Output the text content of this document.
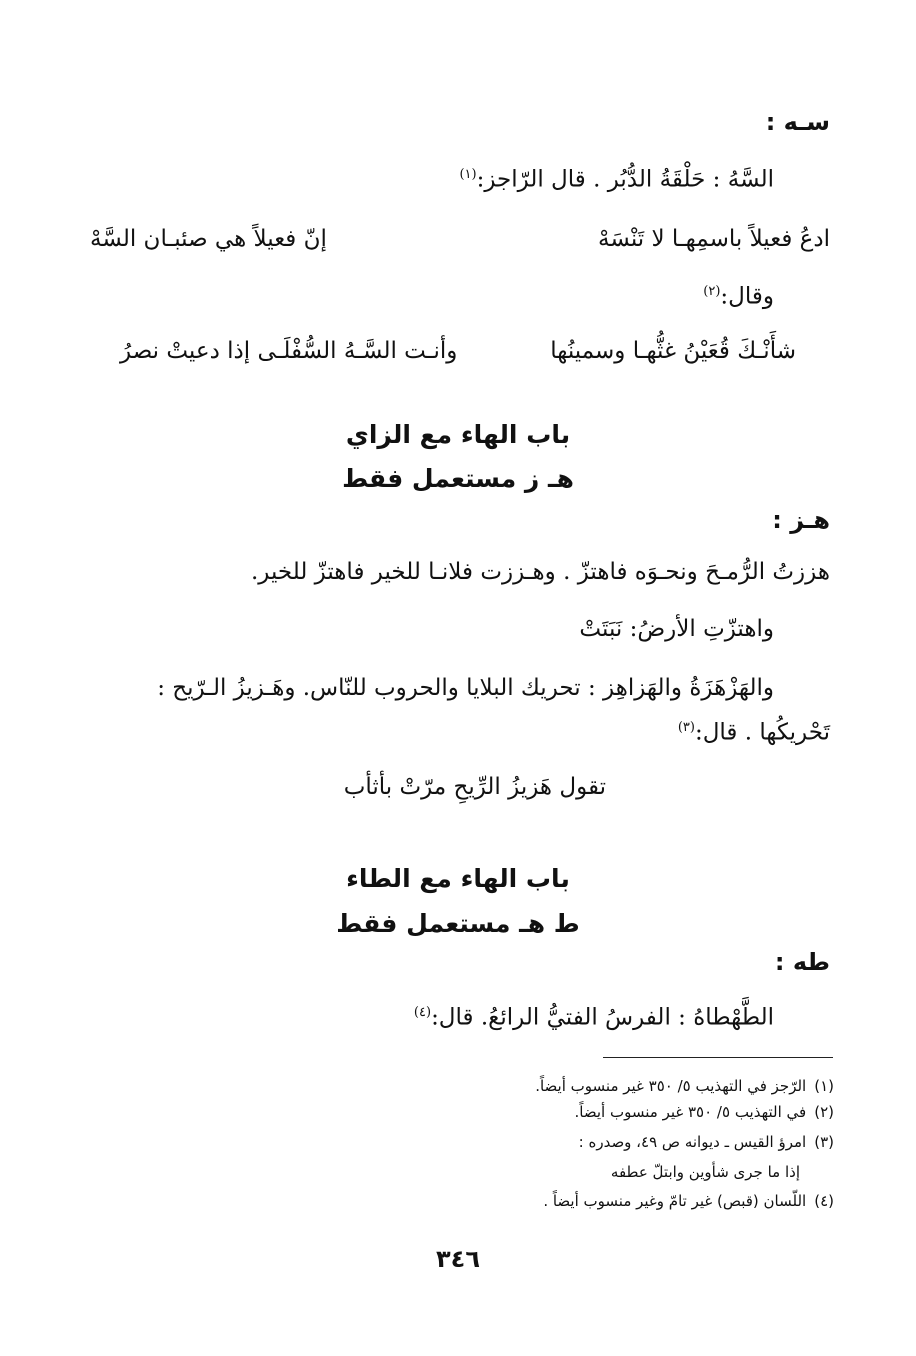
سـه :
السَّهُ : حَلْقَةُ الدُّبُر . قال الرّاجز:$^{(١)}$
ادعُ فعيلاً باسمِهـا لا تَنْسَهْ
إنّ فعيلاً هي صئبـان السَّهْ
وقال:$^{(٢)}$
شأَنْـكَ قُعَيْنُ غثُّهـا وسمينُها
وأنـت السَّـهُ السُّفْلَـى إذا دعيتْ نصرُ
باب الهاء مع الزاي
هـ ز مستعمل فقط
هـز :
هززتُ الرُّمـحَ ونحـوَه فاهتزّ . وهـززت فلانـا للخير فاهتزّ للخير.
واهتزّتِ الأرضُ: نَبَتَتْ
والهَزْهَزَةُ والهَزاهِز : تحريك البلايا والحروب للنّاس. وهَـزيزُ الـرّيح :
تَحْريكُها . قال:$^{(٣)}$
تقول هَزيزُ الرِّيحِ مرّتْ بأثأب
باب الهاء مع الطاء
ط هـ مستعمل فقط
طه :
الطَّهْطاهُ : الفرسُ الفتيُّ الرائعُ. قال:$^{(٤)}$
(١)الرّجز في التهذيب ٥/ ٣٥٠ غير منسوب أيضاً.
(٢)في التهذيب ٥/ ٣٥٠ غير منسوب أيضاً.
(٣)امرؤ القيس ـ ديوانه ص ٤٩، وصدره :
إذا ما جرى شأوين وابتلّ عطفه
(٤)اللّسان (قبص) غير تامّ وغير منسوب أيضاً .
٣٤٦
